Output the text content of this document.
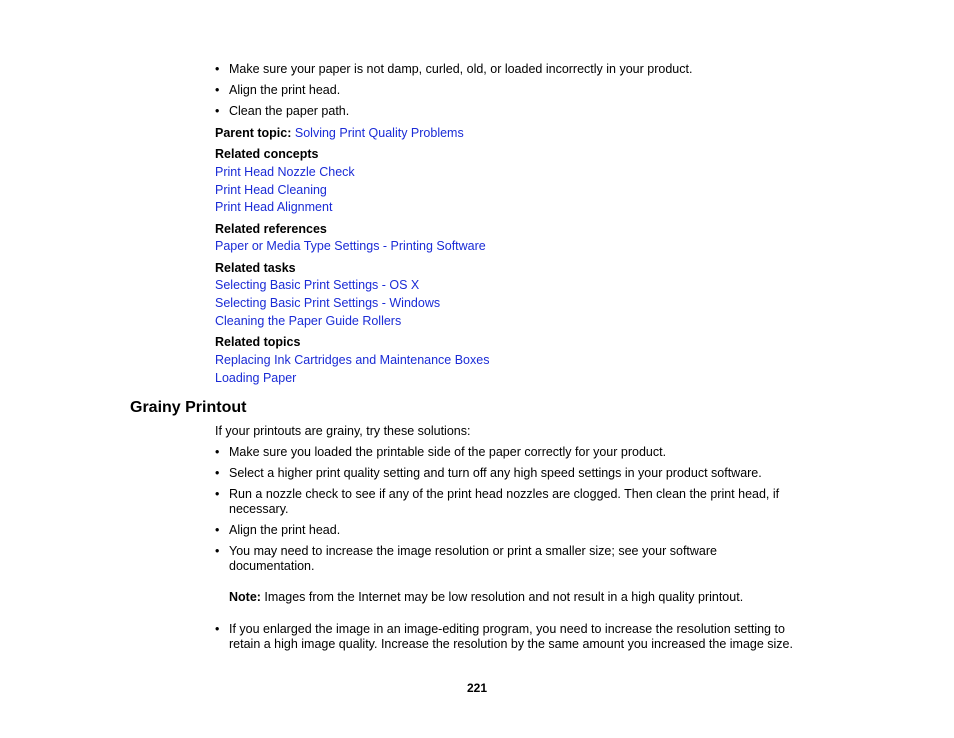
• Make sure your paper is not damp, curled, old, or loaded incorrectly in your product.
• Align the print head.
• Clean the paper path.
Parent topic: Solving Print Quality Problems
Related concepts
Print Head Nozzle Check
Print Head Cleaning
Print Head Alignment
Related references
Paper or Media Type Settings - Printing Software
Related tasks
Selecting Basic Print Settings - OS X
Selecting Basic Print Settings - Windows
Cleaning the Paper Guide Rollers
Related topics
Replacing Ink Cartridges and Maintenance Boxes
Loading Paper
Grainy Printout
If your printouts are grainy, try these solutions:
• Make sure you loaded the printable side of the paper correctly for your product.
• Select a higher print quality setting and turn off any high speed settings in your product software.
• Run a nozzle check to see if any of the print head nozzles are clogged. Then clean the print head, if
necessary.
• Align the print head.
• You may need to increase the image resolution or print a smaller size; see your software
documentation.
Note: Images from the Internet may be low resolution and not result in a high quality printout.
• If you enlarged the image in an image-editing program, you need to increase the resolution setting to
retain a high image quality. Increase the resolution by the same amount you increased the image size.
221
